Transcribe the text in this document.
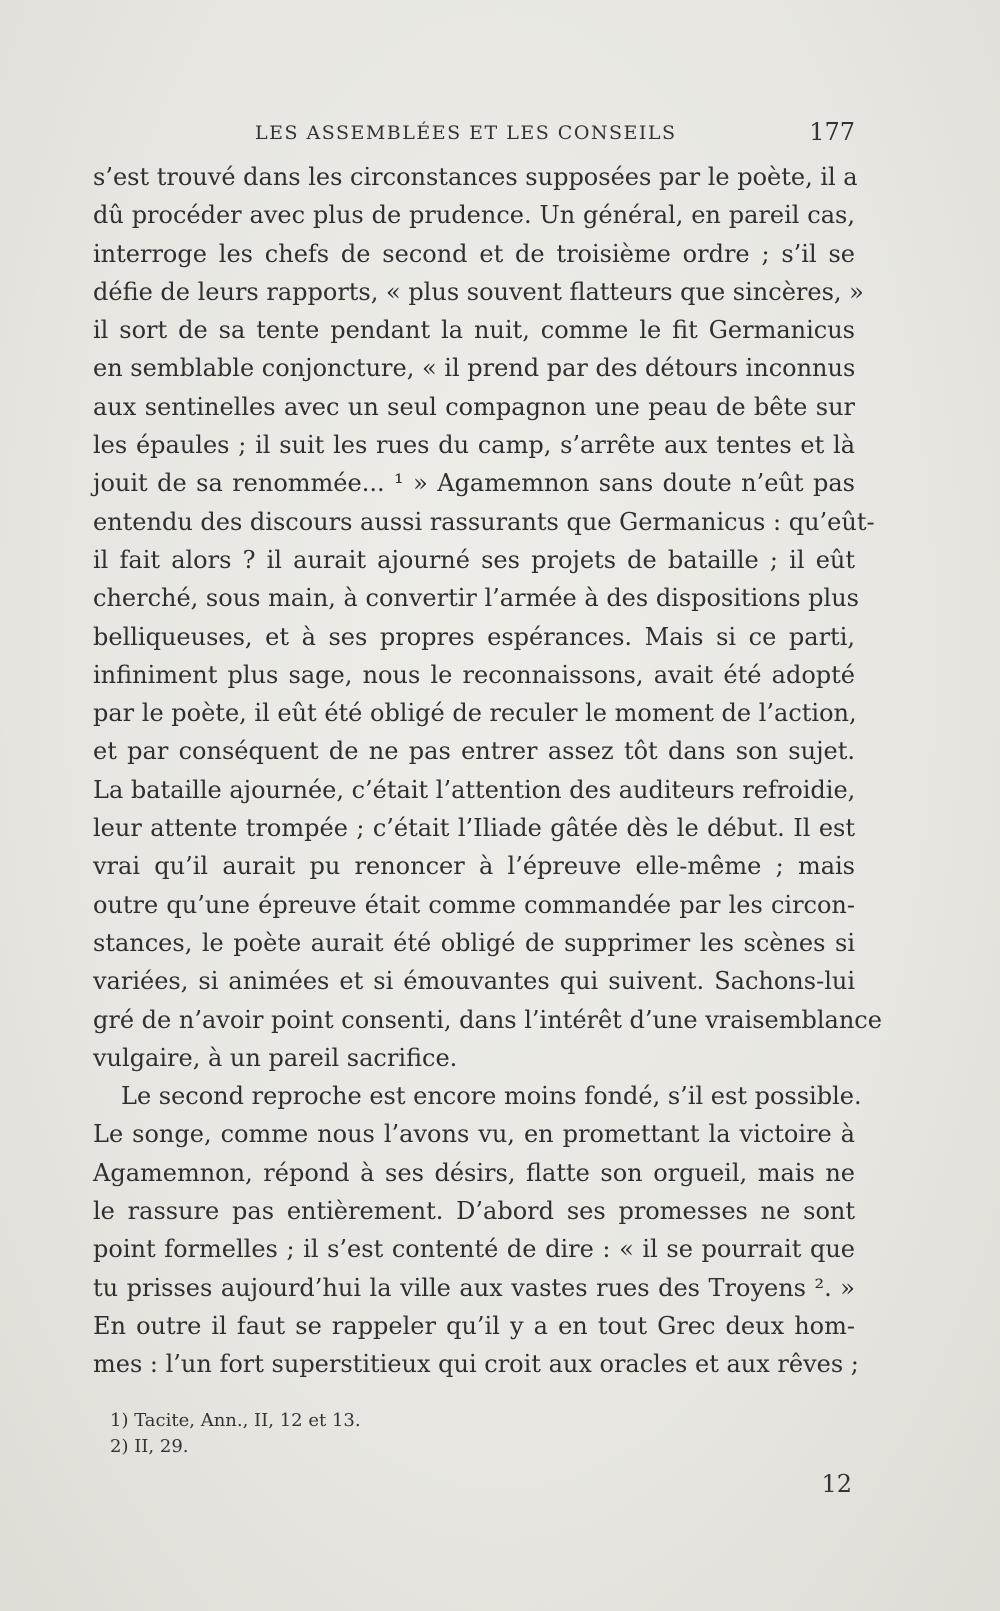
LES ASSEMBLÉES ET LES CONSEILS	177
s’est trouvé dans les circonstances supposées par le poète, il a
dû procéder avec plus de prudence. Un général, en pareil cas,
interroge les chefs de second et de troisième ordre ; s’il se
défie de leurs rapports, « plus souvent flatteurs que sincères, »
il sort de sa tente pendant la nuit, comme le fit Germanicus
en semblable conjoncture, « il prend par des détours inconnus
aux sentinelles avec un seul compagnon une peau de bête sur
les épaules ; il suit les rues du camp, s’arrête aux tentes et là
jouit de sa renommée... ¹ » Agamemnon sans doute n’eût pas
entendu des discours aussi rassurants que Germanicus : qu’eût-
il fait alors ? il aurait ajourné ses projets de bataille ; il eût
cherché, sous main, à convertir l’armée à des dispositions plus
belliqueuses, et à ses propres espérances. Mais si ce parti,
infiniment plus sage, nous le reconnaissons, avait été adopté
par le poète, il eût été obligé de reculer le moment de l’action,
et par conséquent de ne pas entrer assez tôt dans son sujet.
La bataille ajournée, c’était l’attention des auditeurs refroidie,
leur attente trompée ; c’était l’Iliade gâtée dès le début. Il est
vrai qu’il aurait pu renoncer à l’épreuve elle-même ; mais
outre qu’une épreuve était comme commandée par les circon-
stances, le poète aurait été obligé de supprimer les scènes si
variées, si animées et si émouvantes qui suivent. Sachons-lui
gré de n’avoir point consenti, dans l’intérêt d’une vraisemblance
vulgaire, à un pareil sacrifice.
Le second reproche est encore moins fondé, s’il est possible.
Le songe, comme nous l’avons vu, en promettant la victoire à
Agamemnon, répond à ses désirs, flatte son orgueil, mais ne
le rassure pas entièrement. D’abord ses promesses ne sont
point formelles ; il s’est contenté de dire : « il se pourrait que
tu prisses aujourd’hui la ville aux vastes rues des Troyens ². »
En outre il faut se rappeler qu’il y a en tout Grec deux hom-
mes : l’un fort superstitieux qui croit aux oracles et aux rêves ;
1) Tacite, Ann., II, 12 et 13.
2) II, 29.
12
